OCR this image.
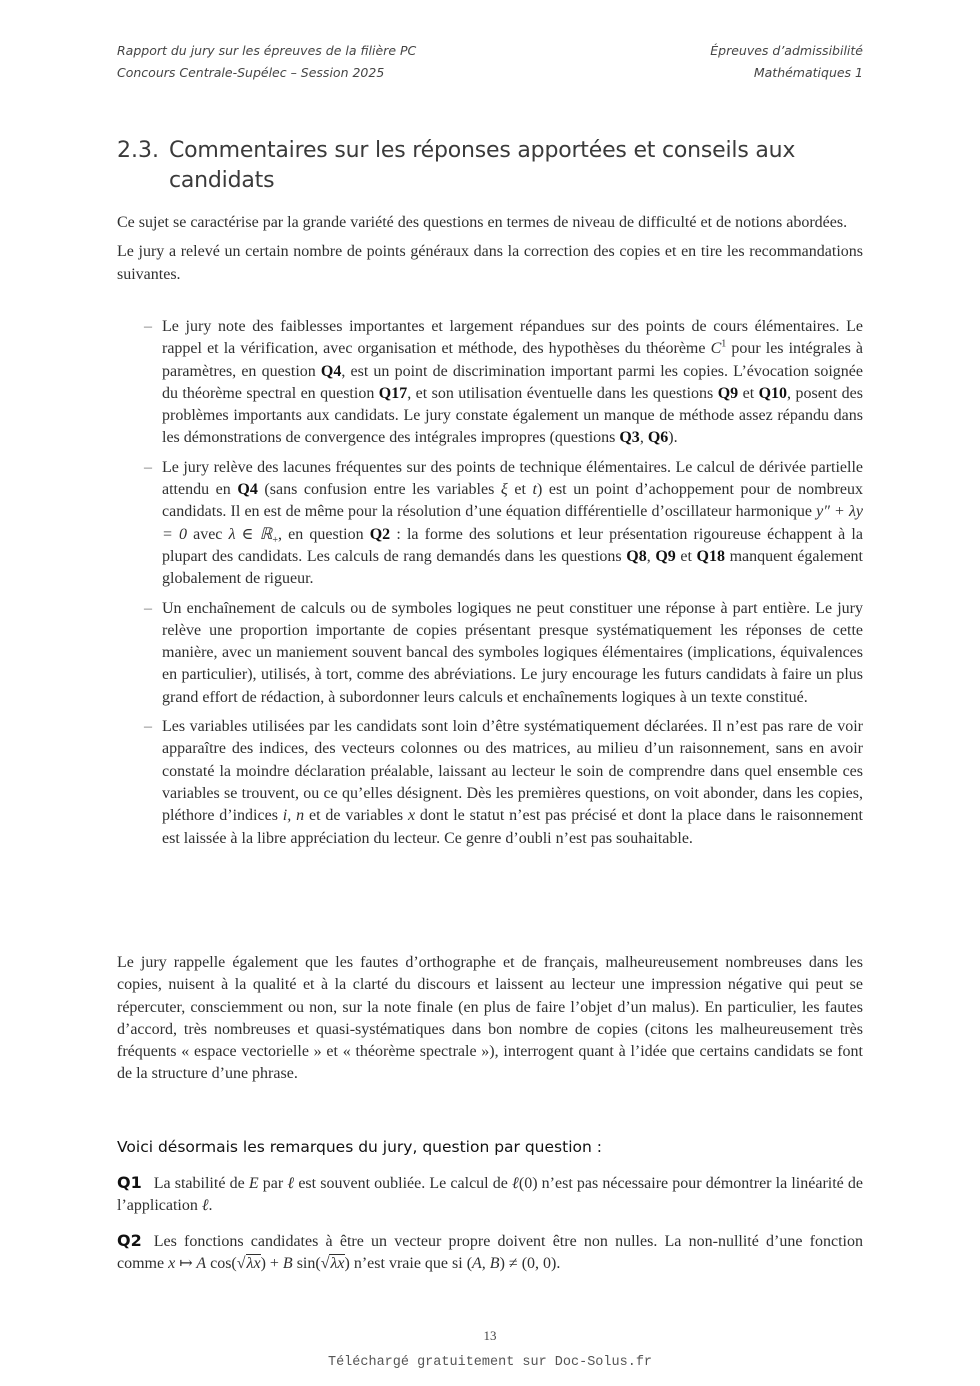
Rapport du jury sur les épreuves de la filière PC
Concours Centrale-Supélec – Session 2025
Épreuves d’admissibilité
Mathématiques 1
2.3. Commentaires sur les réponses apportées et conseils aux candidats

Ce sujet se caractérise par la grande variété des questions en termes de niveau de difficulté et de notions abordées.

Le jury a relevé un certain nombre de points généraux dans la correction des copies et en tire les recommandations suivantes.

– Le jury note des faiblesses importantes et largement répandues sur des points de cours élémentaires. Le rappel et la vérification, avec organisation et méthode, des hypothèses du théorème $C^1$ pour les intégrales à paramètres, en question Q4, est un point de discrimination important parmi les copies. L’évocation soignée du théorème spectral en question Q17, et son utilisation éventuelle dans les questions Q9 et Q10, posent des problèmes importants aux candidats. Le jury constate également un manque de méthode assez répandu dans les démonstrations de convergence des intégrales impropres (questions Q3, Q6).
– Le jury relève des lacunes fréquentes sur des points de technique élémentaires. Le calcul de dérivée partielle attendu en Q4 (sans confusion entre les variables ξ et t) est un point d’achoppement pour de nombreux candidats. Il en est de même pour la résolution d’une équation différentielle d’oscillateur harmonique y″ + λy = 0 avec λ ∈ ℝ$_+$, en question Q2 : la forme des solutions et leur présentation rigoureuse échappent à la plupart des candidats. Les calculs de rang demandés dans les questions Q8, Q9 et Q18 manquent également globalement de rigueur.
– Un enchaînement de calculs ou de symboles logiques ne peut constituer une réponse à part entière. Le jury relève une proportion importante de copies présentant presque systématiquement les réponses de cette manière, avec un maniement souvent bancal des symboles logiques élémentaires (implications, équivalences en particulier), utilisés, à tort, comme des abréviations. Le jury encourage les futurs candidats à faire un plus grand effort de rédaction, à subordonner leurs calculs et enchaînements logiques à un texte constitué.
– Les variables utilisées par les candidats sont loin d’être systématiquement déclarées. Il n’est pas rare de voir apparaître des indices, des vecteurs colonnes ou des matrices, au milieu d’un raisonnement, sans en avoir constaté la moindre déclaration préalable, laissant au lecteur le soin de comprendre dans quel ensemble ces variables se trouvent, ou ce qu’elles désignent. Dès les premières questions, on voit abonder, dans les copies, pléthore d’indices i, n et de variables x dont le statut n’est pas précisé et dont la place dans le raisonnement est laissée à la libre appréciation du lecteur. Ce genre d’oubli n’est pas souhaitable.

Le jury rappelle également que les fautes d’orthographe et de français, malheureusement nombreuses dans les copies, nuisent à la qualité et à la clarté du discours et laissent au lecteur une impression négative qui peut se répercuter, consciemment ou non, sur la note finale (en plus de faire l’objet d’un malus). En particulier, les fautes d’accord, très nombreuses et quasi-systématiques dans bon nombre de copies (citons les malheureusement très fréquents « espace vectorielle » et « théorème spectrale »), interrogent quant à l’idée que certains candidats se font de la structure d’une phrase.

Voici désormais les remarques du jury, question par question :

Q1 La stabilité de E par ℓ est souvent oubliée. Le calcul de ℓ(0) n’est pas nécessaire pour démontrer la linéarité de l’application ℓ.

Q2 Les fonctions candidates à être un vecteur propre doivent être non nulles. La non-nullité d’une fonction comme x ↦ A cos(√λx) + B sin(√λx) n’est vraie que si (A, B) ≠ (0, 0).

13
Téléchargé gratuitement sur Doc-Solus.fr
